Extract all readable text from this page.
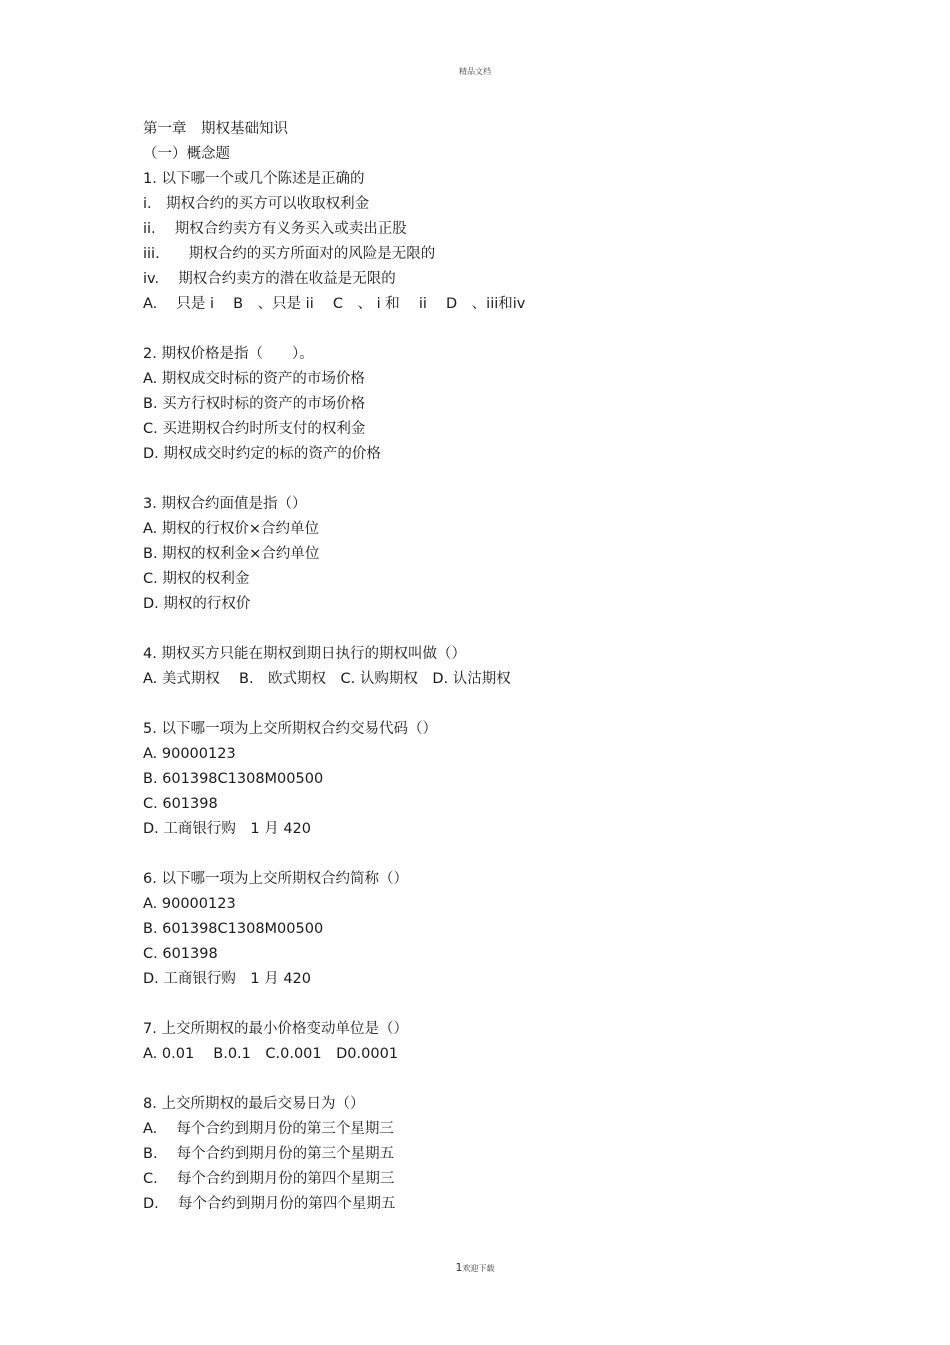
精品文档
第一章　期权基础知识
（一）概念题
1. 以下哪一个或几个陈述是正确的
i.　期权合约的买方可以收取权利金
ii.　 期权合约卖方有义务买入或卖出正股
iii.　　期权合约的买方所面对的风险是无限的
iv.　 期权合约卖方的潜在收益是无限的
A.　 只是 i　 B　、只是 ii　 C　、 i 和　 ii　 D　、iii和iv
2. 期权价格是指（　　）。
A. 期权成交时标的资产的市场价格
B. 买方行权时标的资产的市场价格
C. 买进期权合约时所支付的权利金
D. 期权成交时约定的标的资产的价格
3. 期权合约面值是指（）
A. 期权的行权价×合约单位
B. 期权的权利金×合约单位
C. 期权的权利金
D. 期权的行权价
4. 期权买方只能在期权到期日执行的期权叫做（）
A. 美式期权　 B.　欧式期权　C. 认购期权　D. 认沽期权
5. 以下哪一项为上交所期权合约交易代码（）
A. 90000123
B. 601398C1308M00500
C. 601398
D. 工商银行购　1 月 420
6. 以下哪一项为上交所期权合约简称（）
A. 90000123
B. 601398C1308M00500
C. 601398
D. 工商银行购　1 月 420
7. 上交所期权的最小价格变动单位是（）
A. 0.01　 B.0.1　C.0.001　D0.0001
8. 上交所期权的最后交易日为（）
A.　 每个合约到期月份的第三个星期三
B.　 每个合约到期月份的第三个星期五
C.　 每个合约到期月份的第四个星期三
D.　 每个合约到期月份的第四个星期五
1欢迎下载
